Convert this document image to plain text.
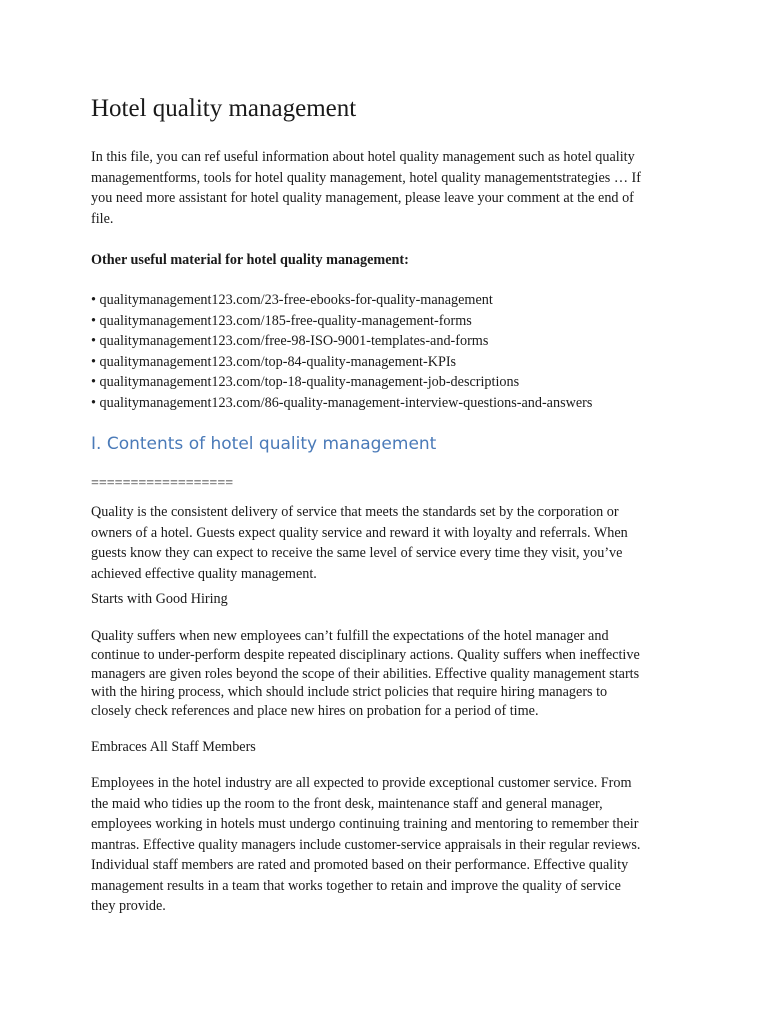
Hotel quality management

In this file, you can ref useful information about hotel quality management such as hotel quality
managementforms, tools for hotel quality management, hotel quality managementstrategies … If
you need more assistant for hotel quality management, please leave your comment at the end of
file.

Other useful material for hotel quality management:

• qualitymanagement123.com/23-free-ebooks-for-quality-management
• qualitymanagement123.com/185-free-quality-management-forms
• qualitymanagement123.com/free-98-ISO-9001-templates-and-forms
• qualitymanagement123.com/top-84-quality-management-KPIs
• qualitymanagement123.com/top-18-quality-management-job-descriptions
• qualitymanagement123.com/86-quality-management-interview-questions-and-answers
I. Contents of hotel quality management

==================

Quality is the consistent delivery of service that meets the standards set by the corporation or
owners of a hotel. Guests expect quality service and reward it with loyalty and referrals. When
guests know they can expect to receive the same level of service every time they visit, you’ve
achieved effective quality management.

Starts with Good Hiring

Quality suffers when new employees can’t fulfill the expectations of the hotel manager and
continue to under-perform despite repeated disciplinary actions. Quality suffers when ineffective
managers are given roles beyond the scope of their abilities. Effective quality management starts
with the hiring process, which should include strict policies that require hiring managers to
closely check references and place new hires on probation for a period of time.

Embraces All Staff Members

Employees in the hotel industry are all expected to provide exceptional customer service. From
the maid who tidies up the room to the front desk, maintenance staff and general manager,
employees working in hotels must undergo continuing training and mentoring to remember their
mantras. Effective quality managers include customer-service appraisals in their regular reviews.
Individual staff members are rated and promoted based on their performance. Effective quality
management results in a team that works together to retain and improve the quality of service
they provide.
